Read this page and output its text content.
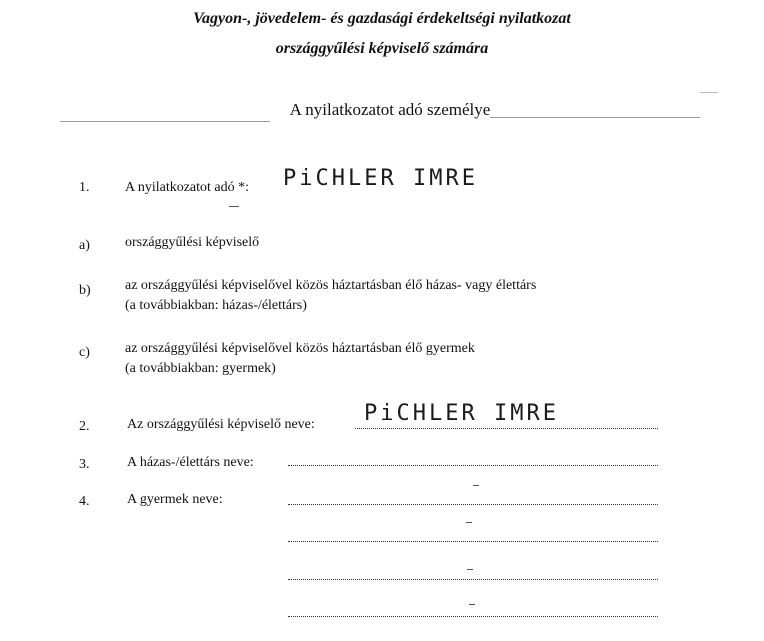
Vagyon-, jövedelem- és gazdasági érdekeltségi nyilatkozat
országgyűlési képviselő számára
A nyilatkozatot adó személye
1.	A nyilatkozatot adó *: PiCHLER IMRE
a)	országgyűlési képviselő
b) az országgyűlési képviselővel közös háztartásban élő házas- vagy élettárs
(a továbbiakban: házas-/élettárs)
c)	az országgyűlési képviselővel közös háztartásban élő gyermek
(a továbbiakban: gyermek)
2.	Az országgyűlési képviselő neve: PiCHLER IMRE
3.	A házas-/élettárs neve:
4.	A gyermek neve:
